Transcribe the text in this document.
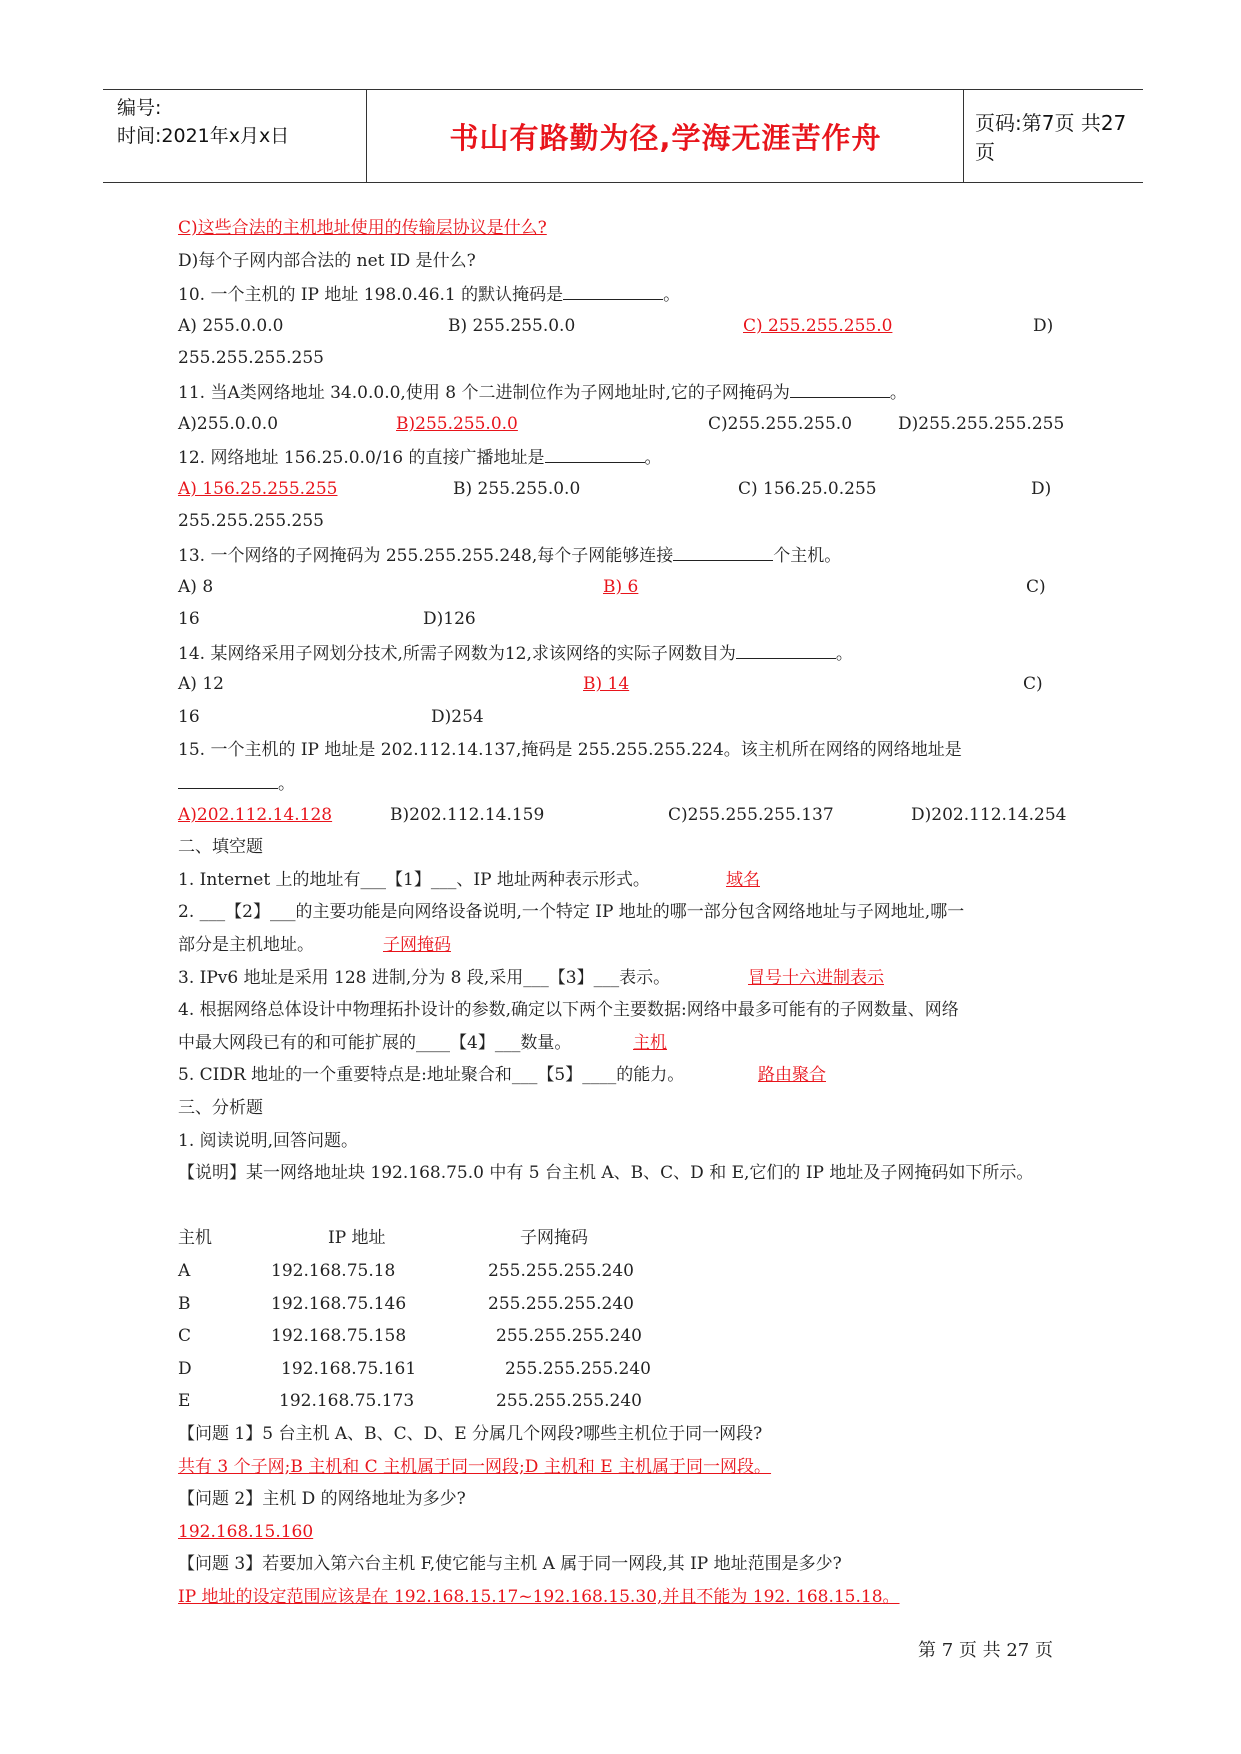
编号:
时间:2021年x月x日	书山有路勤为径,学海无涯苦作舟	页码:第7页 共27页
C)这些合法的主机地址使用的传输层协议是什么?
D)每个子网内部合法的 net ID 是什么?
10. 一个主机的 IP 地址 198.0.46.1 的默认掩码是	。
A) 255.0.0.0	B) 255.255.0.0	C) 255.255.255.0	D)
255.255.255.255
11. 当A类网络地址 34.0.0.0,使用 8 个二进制位作为子网地址时,它的子网掩码为	。
A)255.0.0.0	B)255.255.0.0	C)255.255.255.0	D)255.255.255.255
12. 网络地址 156.25.0.0/16 的直接广播地址是	。
A) 156.25.255.255	B) 255.255.0.0	C) 156.25.0.255	D)
255.255.255.255
13. 一个网络的子网掩码为 255.255.255.248,每个子网能够连接	个主机。
A) 8	B) 6	C)
16	D)126
14. 某网络采用子网划分技术,所需子网数为12,求该网络的实际子网数目为	。
A) 12	B) 14	C)
16	D)254
15. 一个主机的 IP 地址是 202.112.14.137,掩码是 255.255.255.224。该主机所在网络的网络地址是
。
A)202.112.14.128	B)202.112.14.159	C)255.255.255.137	D)202.112.14.254
二、填空题
1. Internet 上的地址有___【1】___、IP 地址两种表示形式。	域名
2. ___【2】___的主要功能是向网络设备说明,一个特定 IP 地址的哪一部分包含网络地址与子网地址,哪一
部分是主机地址。	子网掩码
3. IPv6 地址是采用 128 进制,分为 8 段,采用___【3】___表示。	冒号十六进制表示
4. 根据网络总体设计中物理拓扑设计的参数,确定以下两个主要数据:网络中最多可能有的子网数量、网络
中最大网段已有的和可能扩展的____【4】___数量。	主机
5. CIDR 地址的一个重要特点是:地址聚合和___【5】____的能力。	路由聚合
三、分析题
1. 阅读说明,回答问题。
【说明】某一网络地址块 192.168.75.0 中有 5 台主机 A、B、C、D 和 E,它们的 IP 地址及子网掩码如下所示。
主机	IP 地址	子网掩码
A	192.168.75.18	255.255.255.240
B	192.168.75.146	255.255.255.240
C	192.168.75.158	255.255.255.240
D	192.168.75.161	255.255.255.240
E	192.168.75.173	255.255.255.240
【问题 1】5 台主机 A、B、C、D、E 分属几个网段?哪些主机位于同一网段?
共有 3 个子网;B 主机和 C 主机属于同一网段;D 主机和 E 主机属于同一网段。
【问题 2】主机 D 的网络地址为多少?
192.168.15.160
【问题 3】若要加入第六台主机 F,使它能与主机 A 属于同一网段,其 IP 地址范围是多少?
IP 地址的设定范围应该是在 192.168.15.17~192.168.15.30,并且不能为 192. 168.15.18。
第 7 页 共 27 页
